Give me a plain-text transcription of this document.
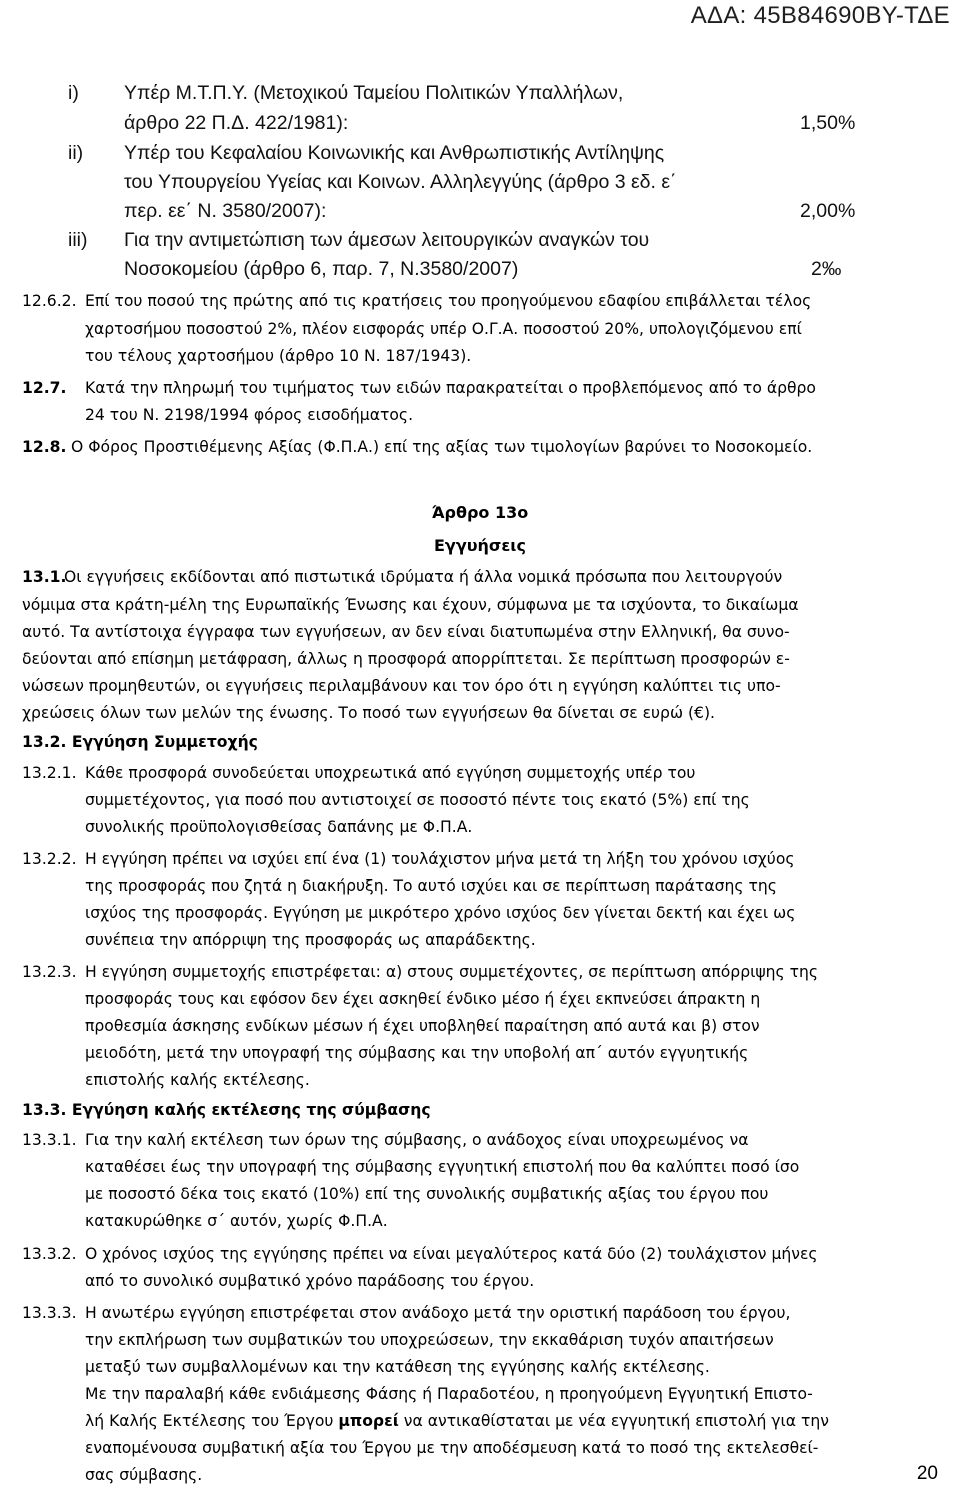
ΑΔΑ: 45Β84690ΒΥ-ΤΔΕ
i) Υπέρ Μ.Τ.Π.Υ. (Μετοχικού Ταμείου Πολιτικών Υπαλλήλων,
άρθρο 22 Π.Δ. 422/1981):	1,50%
ii) Υπέρ του Κεφαλαίου Κοινωνικής και Ανθρωπιστικής Αντίληψης
του Υπουργείου Υγείας και Κοινων. Αλληλεγγύης (άρθρο 3 εδ. ε΄
περ. εε΄ Ν. 3580/2007):	2,00%
iii) Για την αντιμετώπιση των άμεσων λειτουργικών αναγκών του
Νοσοκομείου (άρθρο 6, παρ. 7, Ν.3580/2007)	2‰
12.6.2. Επί του ποσού της πρώτης από τις κρατήσεις του προηγούμενου εδαφίου επιβάλλεται τέλος
χαρτοσήμου ποσοστού 2%, πλέον εισφοράς υπέρ Ο.Γ.Α. ποσοστού 20%, υπολογιζόμενου επί
του τέλους χαρτοσήμου (άρθρο 10 Ν. 187/1943).
12.7. Κατά την πληρωμή του τιμήματος των ειδών παρακρατείται ο προβλεπόμενος από το άρθρο
24 του Ν. 2198/1994 φόρος εισοδήματος.
12.8. Ο Φόρος Προστιθέμενης Αξίας (Φ.Π.Α.) επί της αξίας των τιμολογίων βαρύνει το Νοσοκομείο.
Άρθρο 13ο
Εγγυήσεις
13.1.
Οι εγγυήσεις εκδίδονται από πιστωτικά ιδρύματα ή άλλα νομικά πρόσωπα που λειτουργούν
νόμιμα στα κράτη-μέλη της Ευρωπαϊκής Ένωσης και έχουν, σύμφωνα με τα ισχύοντα, το δικαίωμα
αυτό. Τα αντίστοιχα έγγραφα των εγγυήσεων, αν δεν είναι διατυπωμένα στην Ελληνική, θα συνο-
δεύονται από επίσημη μετάφραση, άλλως η προσφορά απορρίπτεται. Σε περίπτωση προσφορών ε-
νώσεων προμηθευτών, οι εγγυήσεις περιλαμβάνουν και τον όρο ότι η εγγύηση καλύπτει τις υπο-
χρεώσεις όλων των μελών της ένωσης. Το ποσό των εγγυήσεων θα δίνεται σε ευρώ (€).
13.2. Εγγύηση Συμμετοχής
13.2.1. Κάθε προσφορά συνοδεύεται υποχρεωτικά από εγγύηση συμμετοχής υπέρ του
συμμετέχοντος, για ποσό που αντιστοιχεί σε ποσοστό πέντε τοις εκατό (5%) επί της
συνολικής προϋπολογισθείσας δαπάνης με Φ.Π.Α.
13.2.2. Η εγγύηση πρέπει να ισχύει επί ένα (1) τουλάχιστον μήνα μετά τη λήξη του χρόνου ισχύος
της προσφοράς που ζητά η διακήρυξη. Το αυτό ισχύει και σε περίπτωση παράτασης της
ισχύος της προσφοράς. Εγγύηση με μικρότερο χρόνο ισχύος δεν γίνεται δεκτή και έχει ως
συνέπεια την απόρριψη της προσφοράς ως απαράδεκτης.
13.2.3. Η εγγύηση συμμετοχής επιστρέφεται: α) στους συμμετέχοντες, σε περίπτωση απόρριψης της
προσφοράς τους και εφόσον δεν έχει ασκηθεί ένδικο μέσο ή έχει εκπνεύσει άπρακτη η
προθεσμία άσκησης ενδίκων μέσων ή έχει υποβληθεί παραίτηση από αυτά και β) στον
μειοδότη, μετά την υπογραφή της σύμβασης και την υποβολή απ΄ αυτόν εγγυητικής
επιστολής καλής εκτέλεσης.
13.3. Εγγύηση καλής εκτέλεσης της σύμβασης
13.3.1. Για την καλή εκτέλεση των όρων της σύμβασης, ο ανάδοχος είναι υποχρεωμένος να
καταθέσει έως την υπογραφή της σύμβασης εγγυητική επιστολή που θα καλύπτει ποσό ίσο
με ποσοστό δέκα τοις εκατό (10%) επί της συνολικής συμβατικής αξίας του έργου που
κατακυρώθηκε σ΄ αυτόν, χωρίς Φ.Π.Α.
13.3.2. Ο χρόνος ισχύος της εγγύησης πρέπει να είναι μεγαλύτερος κατά δύο (2) τουλάχιστον μήνες
από το συνολικό συμβατικό χρόνο παράδοσης του έργου.
13.3.3. Η ανωτέρω εγγύηση επιστρέφεται στον ανάδοχο μετά την οριστική παράδοση του έργου,
την εκπλήρωση των συμβατικών του υποχρεώσεων, την εκκαθάριση τυχόν απαιτήσεων
μεταξύ των συμβαλλομένων και την κατάθεση της εγγύησης καλής εκτέλεσης.
Με την παραλαβή κάθε ενδιάμεσης Φάσης ή Παραδοτέου, η προηγούμενη Εγγυητική Επιστο-
λή Καλής Εκτέλεσης του Έργου μπορεί να αντικαθίσταται με νέα εγγυητική επιστολή για την
εναπομένουσα συμβατική αξία του Έργου με την αποδέσμευση κατά το ποσό της εκτελεσθεί-
σας σύμβασης.	20
